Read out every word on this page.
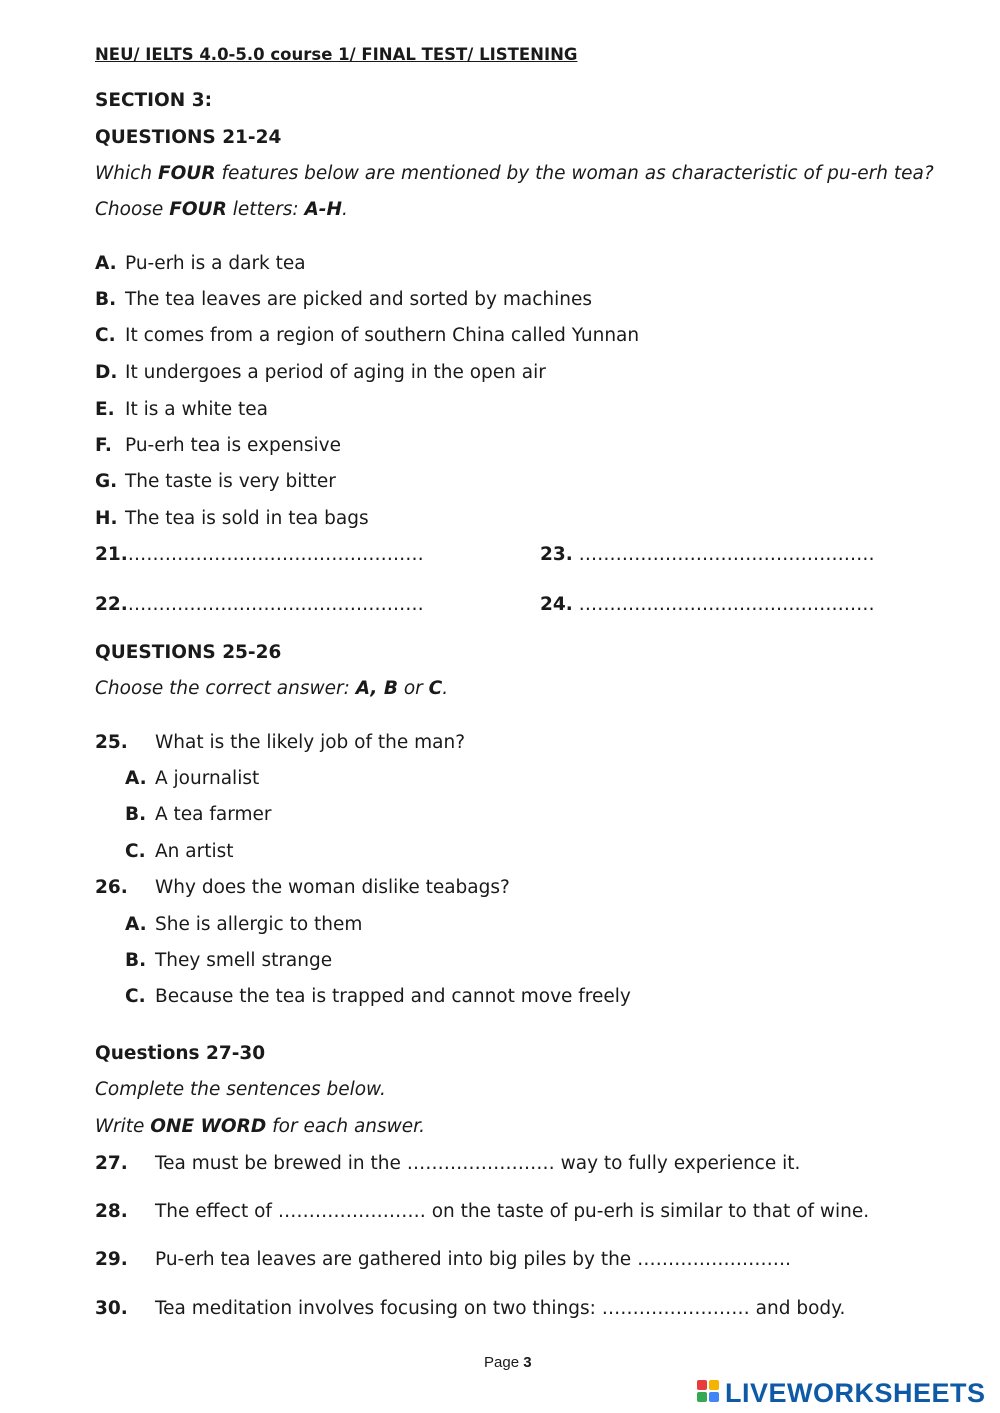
NEU/ IELTS 4.0-5.0 course 1/ FINAL TEST/ LISTENING
SECTION 3:
QUESTIONS 21-24
Which FOUR features below are mentioned by the woman as characteristic of pu-erh tea?
Choose FOUR letters: A-H.
A. Pu-erh is a dark tea
B. The tea leaves are picked and sorted by machines
C. It comes from a region of southern China called Yunnan
D. It undergoes a period of aging in the open air
E. It is a white tea
F. Pu-erh tea is expensive
G. The taste is very bitter
H. The tea is sold in tea bags
21.…………………………………………	23. …………………………………………
22.…………………………………………	24. …………………………………………
QUESTIONS 25-26
Choose the correct answer: A, B or C.
25. What is the likely job of the man?
A. A journalist
B. A tea farmer
C. An artist
26. Why does the woman dislike teabags?
A. She is allergic to them
B. They smell strange
C. Because the tea is trapped and cannot move freely
Questions 27-30
Complete the sentences below.
Write ONE WORD for each answer.
27. Tea must be brewed in the …………………… way to fully experience it.
28. The effect of …………………… on the taste of pu-erh is similar to that of wine.
29. Pu-erh tea leaves are gathered into big piles by the …………………….
30. Tea meditation involves focusing on two things: …………………… and body.
Page 3
LIVEWORKSHEETS
